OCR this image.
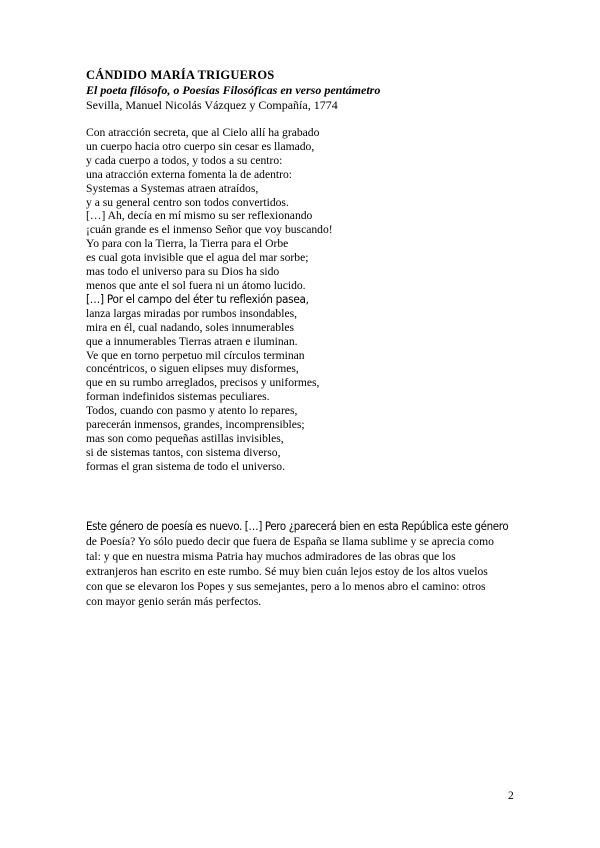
CÁNDIDO MARÍA TRIGUEROS
El poeta filósofo, o Poesías Filosóficas en verso pentámetro
Sevilla, Manuel Nicolás Vázquez y Compañía, 1774
Con atracción secreta, que al Cielo allí ha grabado
un cuerpo hacia otro cuerpo sin cesar es llamado,
y cada cuerpo a todos, y todos a su centro:
una atracción externa fomenta la de adentro:
Systemas a Systemas atraen atraídos,
y a su general centro son todos convertidos.
[…] Ah, decía en mí mismo su ser reflexionando
¡cuán grande es el inmenso Señor que voy buscando!
Yo para con la Tierra, la Tierra para el Orbe
es cual gota invisible que el agua del mar sorbe;
mas todo el universo para su Dios ha sido
menos que ante el sol fuera ni un átomo lucido.
[…] Por el campo del éter tu reflexión pasea,
lanza largas miradas por rumbos insondables,
mira en él, cual nadando, soles innumerables
que a innumerables Tierras atraen e iluminan.
Ve que en torno perpetuo mil círculos terminan
concéntricos, o siguen elipses muy disformes,
que en su rumbo arreglados, precisos y uniformes,
forman indefinidos sistemas peculiares.
Todos, cuando con pasmo y atento lo repares,
parecerán inmensos, grandes, incomprensibles;
mas son como pequeñas astillas invisibles,
si de sistemas tantos, con sistema diverso,
formas el gran sistema de todo el universo.
Este género de poesía es nuevo. […] Pero ¿parecerá bien en esta República este género
de Poesía? Yo sólo puedo decir que fuera de España se llama sublime y se aprecia como
tal: y que en nuestra misma Patria hay muchos admiradores de las obras que los
extranjeros han escrito en este rumbo. Sé muy bien cuán lejos estoy de los altos vuelos
con que se elevaron los Popes y sus semejantes, pero a lo menos abro el camino: otros
con mayor genio serán más perfectos.
2
